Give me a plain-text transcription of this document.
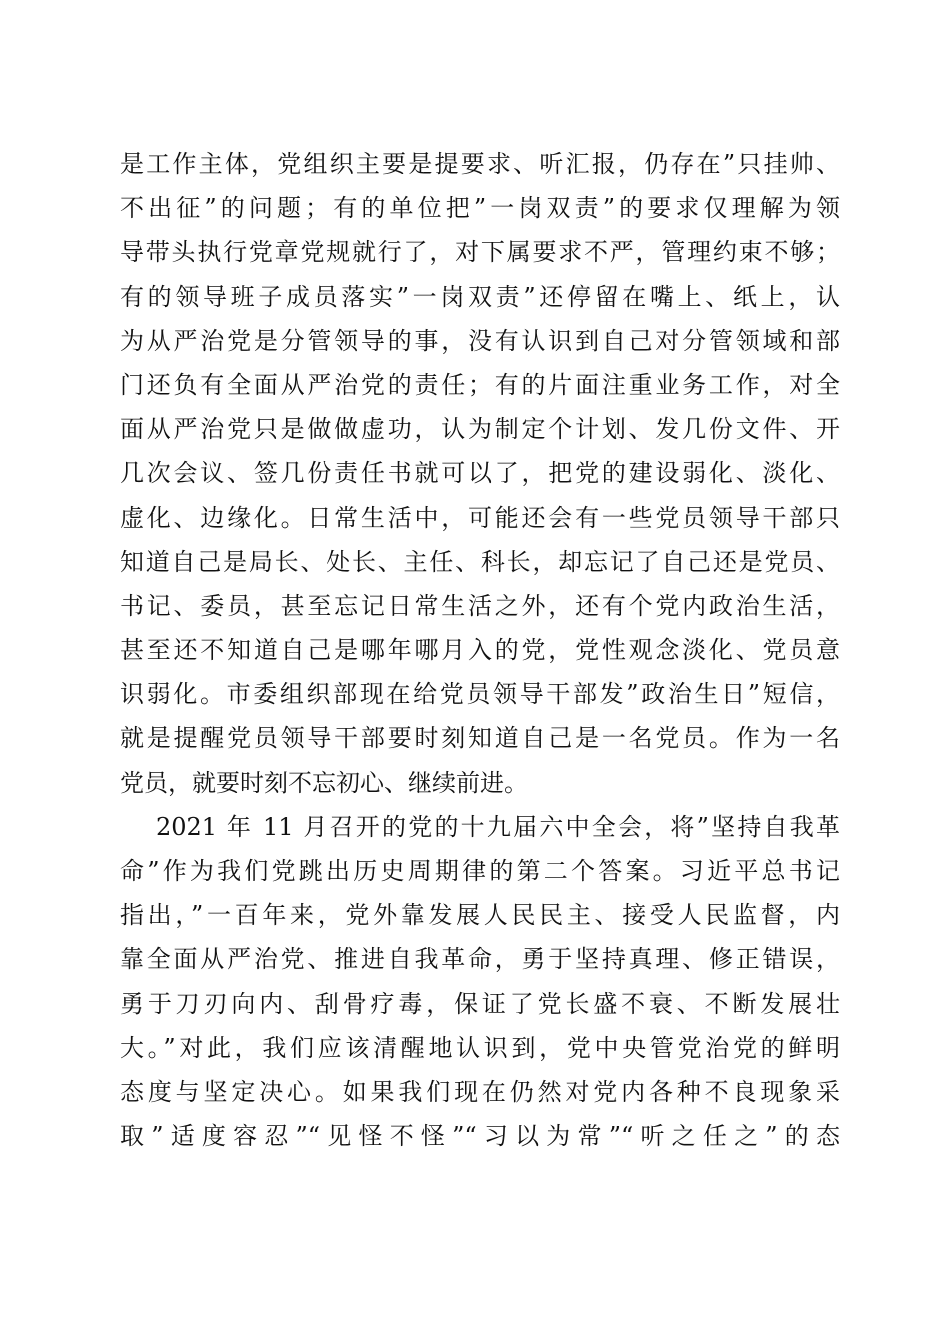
是工作主体，党组织主要是提要求、听汇报，仍存在”只挂帅、
不出征”的问题；有的单位把”一岗双责”的要求仅理解为领
导带头执行党章党规就行了，对下属要求不严，管理约束不够；
有的领导班子成员落实”一岗双责”还停留在嘴上、纸上，认
为从严治党是分管领导的事，没有认识到自己对分管领域和部
门还负有全面从严治党的责任；有的片面注重业务工作，对全
面从严治党只是做做虚功，认为制定个计划、发几份文件、开
几次会议、签几份责任书就可以了，把党的建设弱化、淡化、
虚化、边缘化。日常生活中，可能还会有一些党员领导干部只
知道自己是局长、处长、主任、科长，却忘记了自己还是党员、
书记、委员，甚至忘记日常生活之外，还有个党内政治生活，
甚至还不知道自己是哪年哪月入的党，党性观念淡化、党员意
识弱化。市委组织部现在给党员领导干部发”政治生日”短信，
就是提醒党员领导干部要时刻知道自己是一名党员。作为一名
党员，就要时刻不忘初心、继续前进。
2021 年 11 月召开的党的十九届六中全会，将”坚持自我革
命”作为我们党跳出历史周期律的第二个答案。习近平总书记
指出，”一百年来，党外靠发展人民民主、接受人民监督，内
靠全面从严治党、推进自我革命，勇于坚持真理、修正错误，
勇于刀刃向内、刮骨疗毒，保证了党长盛不衰、不断发展壮
大。”对此，我们应该清醒地认识到，党中央管党治党的鲜明
态度与坚定决心。如果我们现在仍然对党内各种不良现象采
取”适度容忍”“见怪不怪”“习以为常”“听之任之”的态
